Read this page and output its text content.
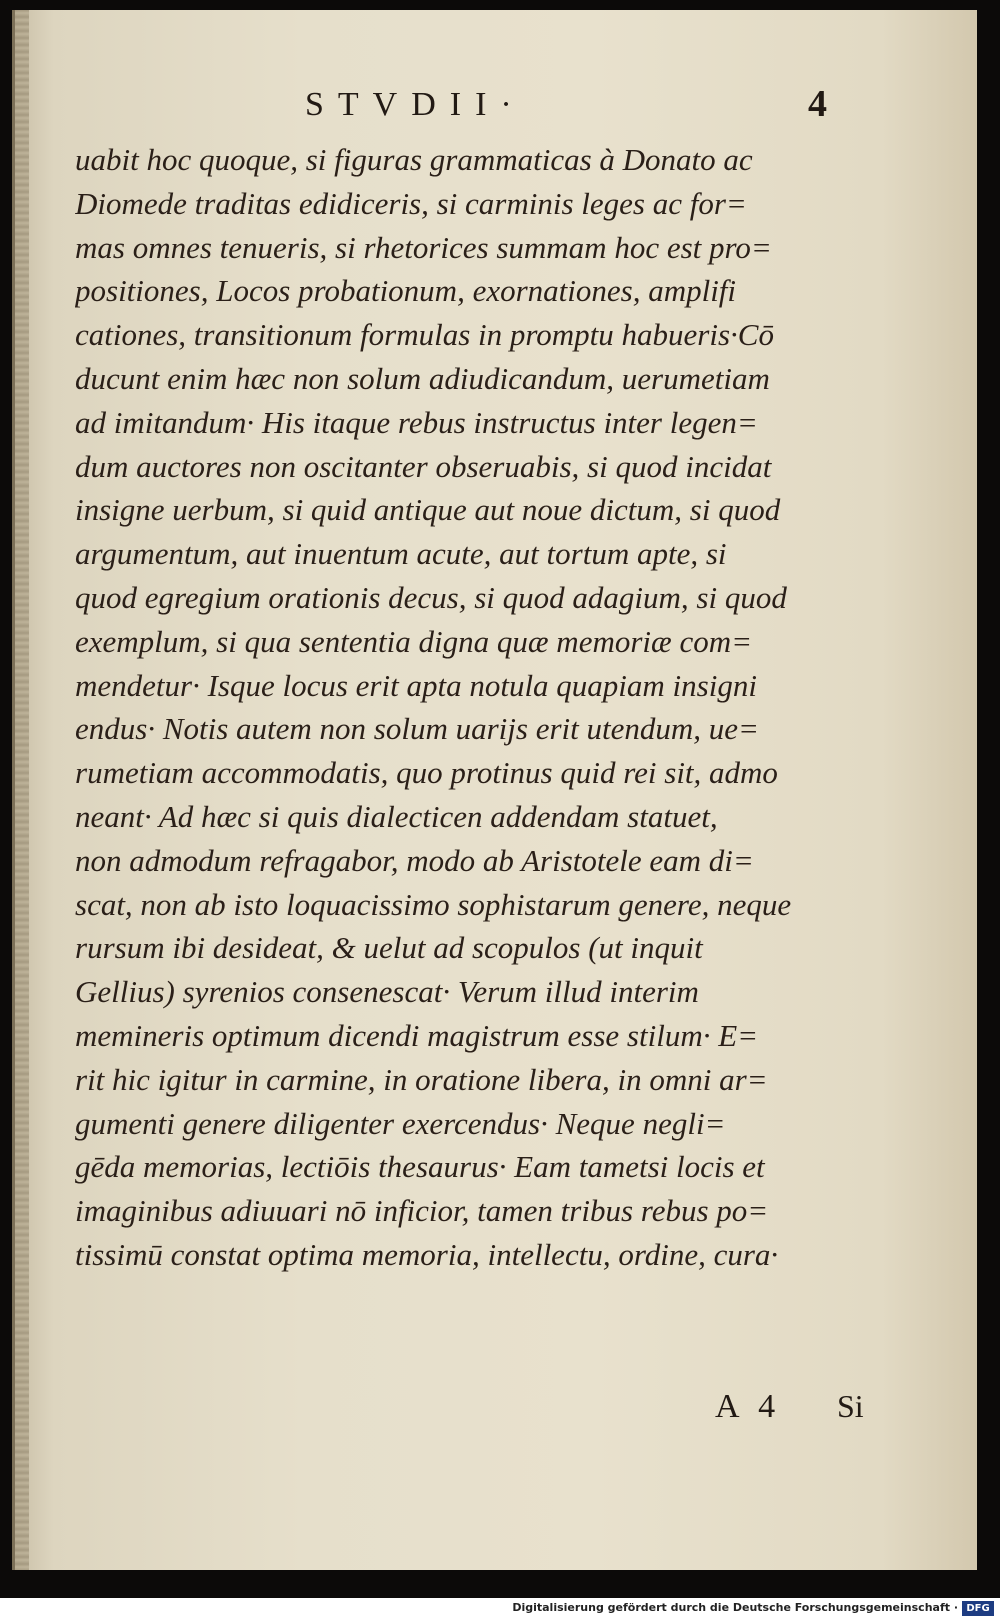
STVDII·	4
uabit hoc quoque, si figuras grammaticas à Donato ac
Diomede traditas edidiceris, si carminis leges ac for=
mas omnes tenueris, si rhetorices summam hoc est pro=
positiones, Locos probationum, exornationes, amplifi
cationes, transitionum formulas in promptu habueris·Cō
ducunt enim hæc non solum adiudicandum, uerumetiam
ad imitandum· His itaque rebus instructus inter legen=
dum auctores non oscitanter obseruabis, si quod incidat
insigne uerbum, si quid antique aut noue dictum, si quod
argumentum, aut inuentum acute, aut tortum apte, si
quod egregium orationis decus, si quod adagium, si quod
exemplum, si qua sententia digna quæ memoriæ com=
mendetur· Isque locus erit apta notula quapiam insigni
endus· Notis autem non solum uarijs erit utendum, ue=
rumetiam accommodatis, quo protinus quid rei sit, admo
neant· Ad hæc si quis dialecticen addendam statuet,
non admodum refragabor, modo ab Aristotele eam di=
scat, non ab isto loquacissimo sophistarum genere, neque
rursum ibi desideat, & uelut ad scopulos (ut inquit
Gellius) syrenios consenescat· Verum illud interim
memineris optimum dicendi magistrum esse stilum· E=
rit hic igitur in carmine, in oratione libera, in omni ar=
gumenti genere diligenter exercendus· Neque negli=
gēda memorias, lectiōis thesaurus· Eam tametsi locis et
imaginibus adiuuari nō inficior, tamen tribus rebus po=
tissimū constat optima memoria, intellectu, ordine, cura·
A 4 Si
Digitalisierung gefördert durch die Deutsche Forschungsgemeinschaft · DFG
